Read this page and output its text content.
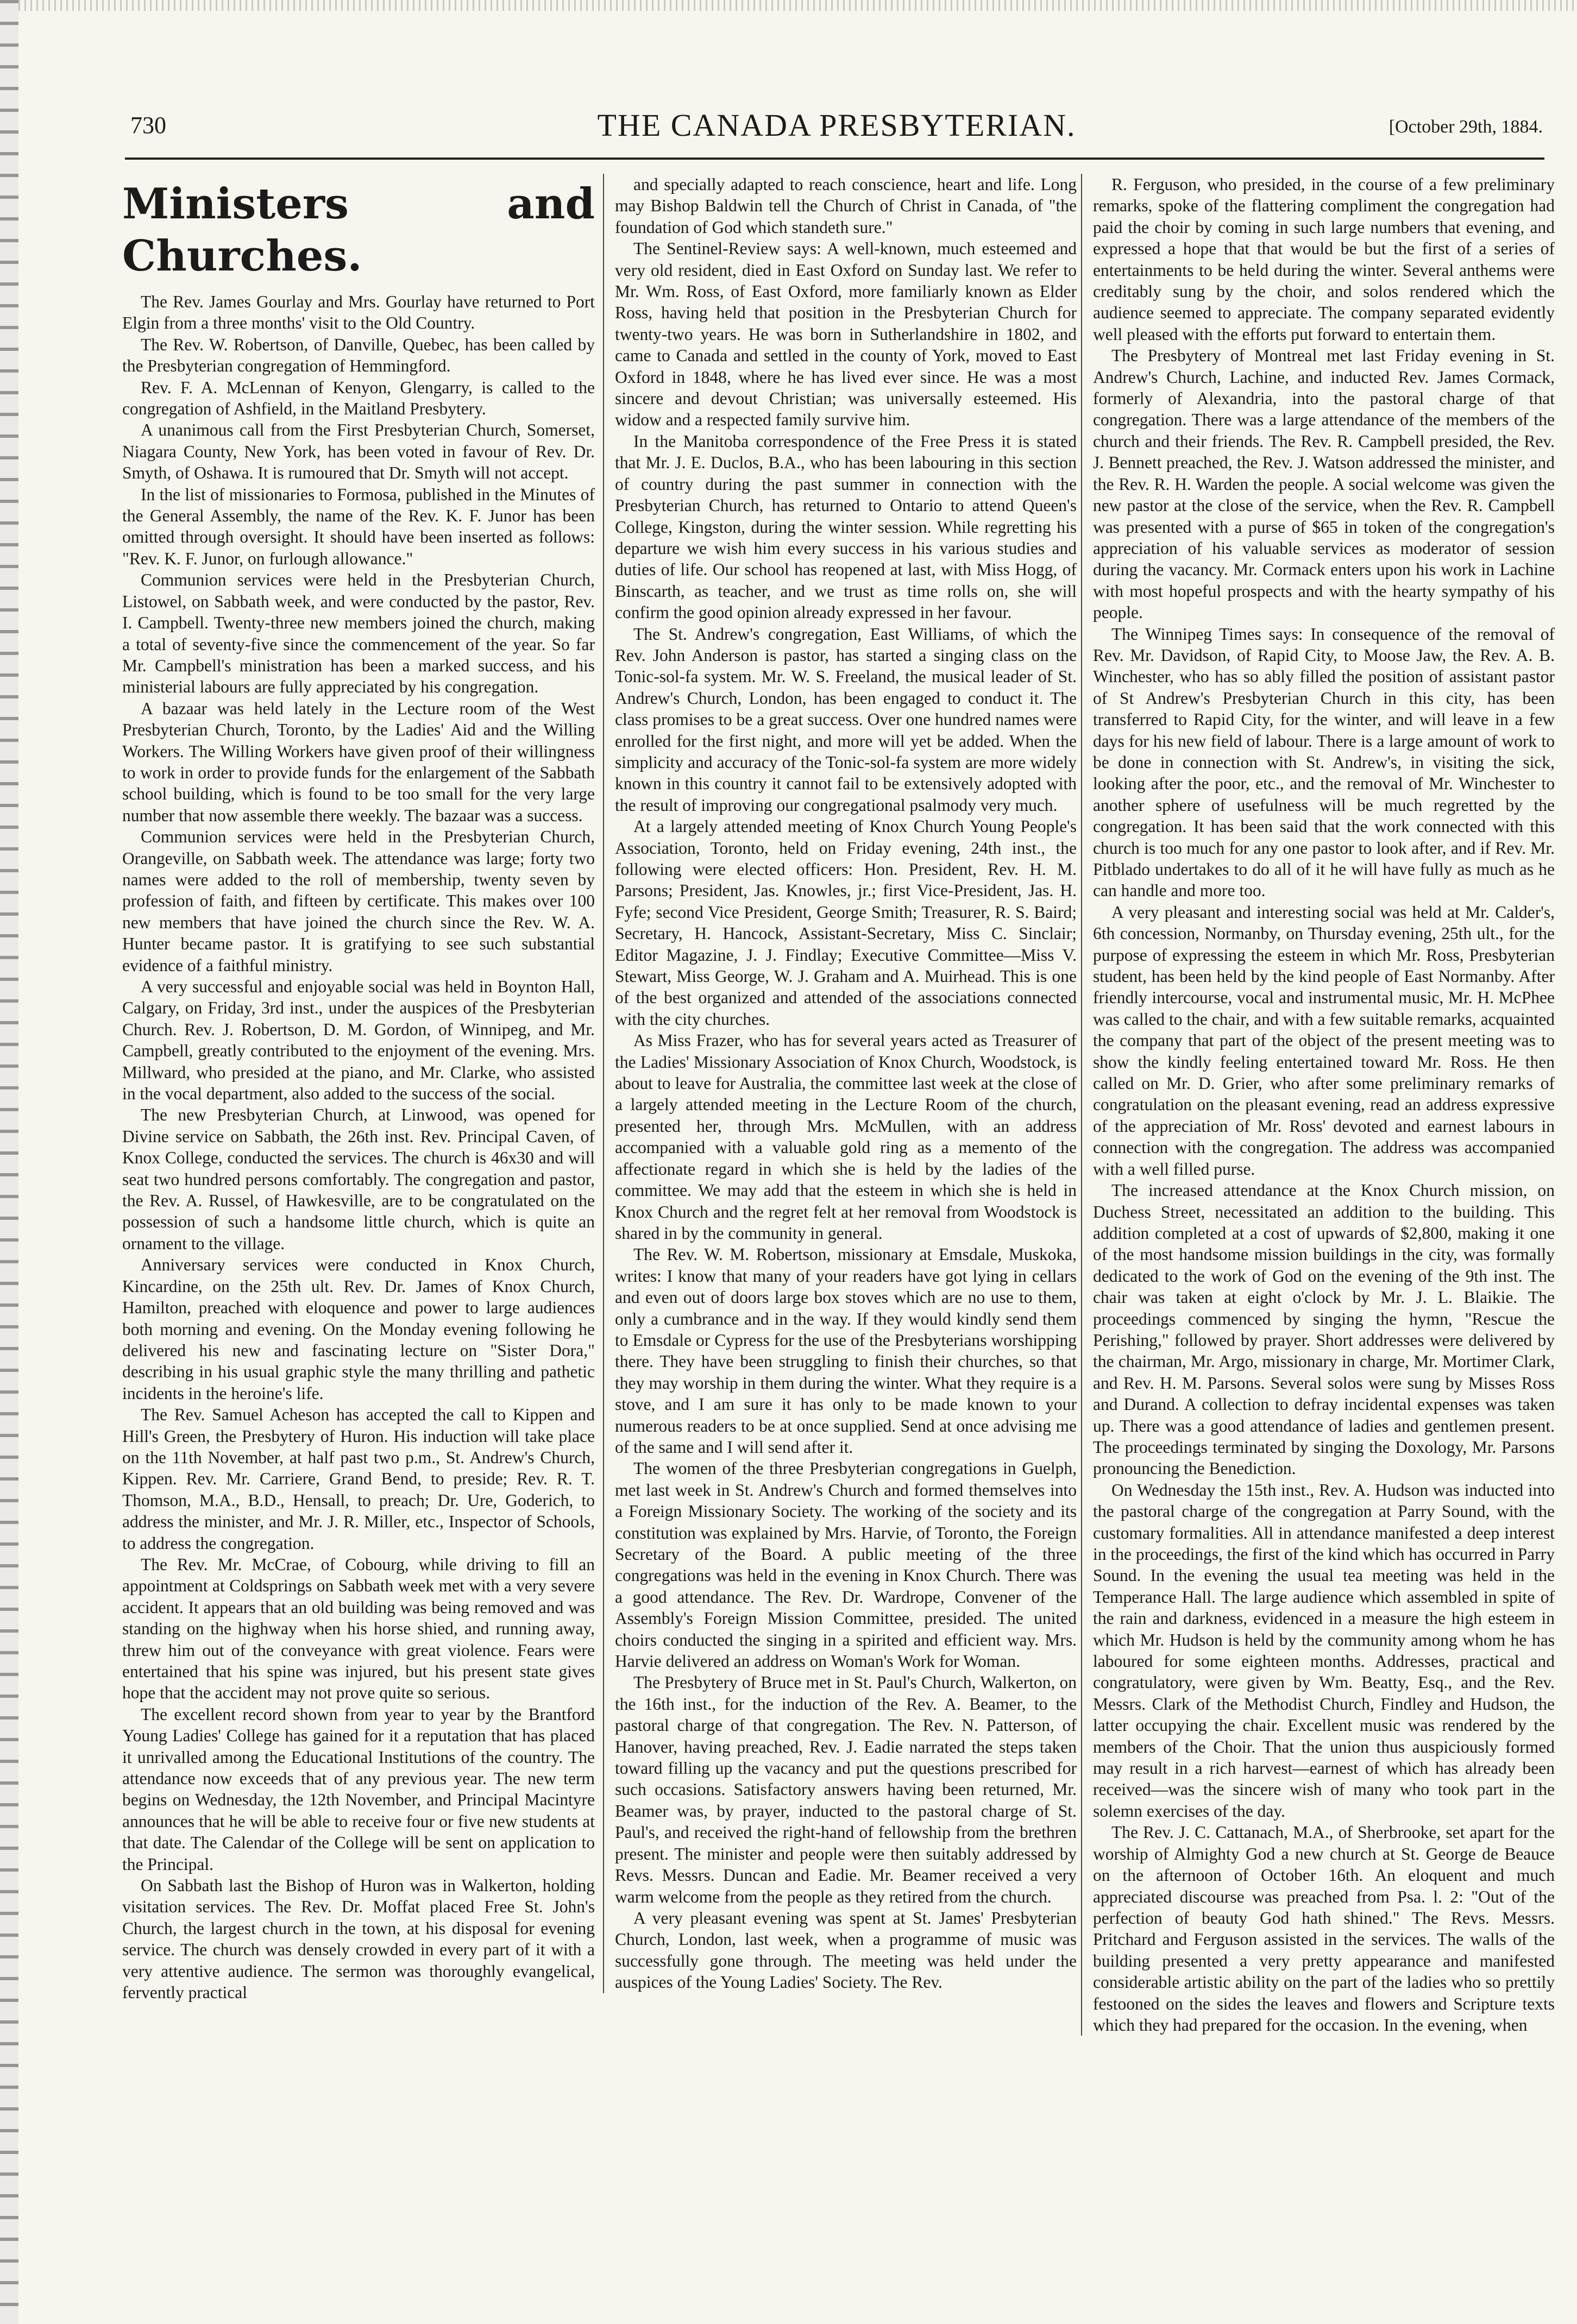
730	THE CANADA PRESBYTERIAN.	[October 29th, 1884.
Ministers and Churches.

The Rev. James Gourlay and Mrs. Gourlay have returned to Port Elgin from a three months' visit to the Old Country.

The Rev. W. Robertson, of Danville, Quebec, has been called by the Presbyterian congregation of Hemmingford.

Rev. F. A. McLennan of Kenyon, Glengarry, is called to the congregation of Ashfield, in the Maitland Presbytery.

A unanimous call from the First Presbyterian Church, Somerset, Niagara County, New York, has been voted in favour of Rev. Dr. Smyth, of Oshawa. It is rumoured that Dr. Smyth will not accept.

In the list of missionaries to Formosa, published in the Minutes of the General Assembly, the name of the Rev. K. F. Junor has been omitted through oversight. It should have been inserted as follows: "Rev. K. F. Junor, on furlough allowance."

Communion services were held in the Presbyterian Church, Listowel, on Sabbath week, and were conducted by the pastor, Rev. I. Campbell. Twenty-three new members joined the church, making a total of seventy-five since the commencement of the year. So far Mr. Campbell's ministration has been a marked success, and his ministerial labours are fully appreciated by his congregation.

A bazaar was held lately in the Lecture room of the West Presbyterian Church, Toronto, by the Ladies' Aid and the Willing Workers. The Willing Workers have given proof of their willingness to work in order to provide funds for the enlargement of the Sabbath school building, which is found to be too small for the very large number that now assemble there weekly. The bazaar was a success.

Communion services were held in the Presbyterian Church, Orangeville, on Sabbath week. The attendance was large; forty two names were added to the roll of membership, twenty seven by profession of faith, and fifteen by certificate. This makes over 100 new members that have joined the church since the Rev. W. A. Hunter became pastor. It is gratifying to see such substantial evidence of a faithful ministry.

A very successful and enjoyable social was held in Boynton Hall, Calgary, on Friday, 3rd inst., under the auspices of the Presbyterian Church. Rev. J. Robertson, D. M. Gordon, of Winnipeg, and Mr. Campbell, greatly contributed to the enjoyment of the evening. Mrs. Millward, who presided at the piano, and Mr. Clarke, who assisted in the vocal department, also added to the success of the social.

The new Presbyterian Church, at Linwood, was opened for Divine service on Sabbath, the 26th inst. Rev. Principal Caven, of Knox College, conducted the services. The church is 46x30 and will seat two hundred persons comfortably. The congregation and pastor, the Rev. A. Russel, of Hawkesville, are to be congratulated on the possession of such a handsome little church, which is quite an ornament to the village.

Anniversary services were conducted in Knox Church, Kincardine, on the 25th ult. Rev. Dr. James of Knox Church, Hamilton, preached with eloquence and power to large audiences both morning and evening. On the Monday evening following he delivered his new and fascinating lecture on "Sister Dora," describing in his usual graphic style the many thrilling and pathetic incidents in the heroine's life.

The Rev. Samuel Acheson has accepted the call to Kippen and Hill's Green, the Presbytery of Huron. His induction will take place on the 11th November, at half past two p.m., St. Andrew's Church, Kippen. Rev. Mr. Carriere, Grand Bend, to preside; Rev. R. T. Thomson, M.A., B.D., Hensall, to preach; Dr. Ure, Goderich, to address the minister, and Mr. J. R. Miller, etc., Inspector of Schools, to address the congregation.

The Rev. Mr. McCrae, of Cobourg, while driving to fill an appointment at Coldsprings on Sabbath week met with a very severe accident. It appears that an old building was being removed and was standing on the highway when his horse shied, and running away, threw him out of the conveyance with great violence. Fears were entertained that his spine was injured, but his present state gives hope that the accident may not prove quite so serious.

The excellent record shown from year to year by the Brantford Young Ladies' College has gained for it a reputation that has placed it unrivalled among the Educational Institutions of the country. The attendance now exceeds that of any previous year. The new term begins on Wednesday, the 12th November, and Principal Macintyre announces that he will be able to receive four or five new students at that date. The Calendar of the College will be sent on application to the Principal.

On Sabbath last the Bishop of Huron was in Walkerton, holding visitation services. The Rev. Dr. Moffat placed Free St. John's Church, the largest church in the town, at his disposal for evening service. The church was densely crowded in every part of it with a very attentive audience. The sermon was thoroughly evangelical, fervently practical

and specially adapted to reach conscience, heart and life. Long may Bishop Baldwin tell the Church of Christ in Canada, of "the foundation of God which standeth sure."

The Sentinel-Review says: A well-known, much esteemed and very old resident, died in East Oxford on Sunday last. We refer to Mr. Wm. Ross, of East Oxford, more familiarly known as Elder Ross, having held that position in the Presbyterian Church for twenty-two years. He was born in Sutherlandshire in 1802, and came to Canada and settled in the county of York, moved to East Oxford in 1848, where he has lived ever since. He was a most sincere and devout Christian; was universally esteemed. His widow and a respected family survive him.

In the Manitoba correspondence of the Free Press it is stated that Mr. J. E. Duclos, B.A., who has been labouring in this section of country during the past summer in connection with the Presbyterian Church, has returned to Ontario to attend Queen's College, Kingston, during the winter session. While regretting his departure we wish him every success in his various studies and duties of life. Our school has reopened at last, with Miss Hogg, of Binscarth, as teacher, and we trust as time rolls on, she will confirm the good opinion already expressed in her favour.

The St. Andrew's congregation, East Williams, of which the Rev. John Anderson is pastor, has started a singing class on the Tonic-sol-fa system. Mr. W. S. Freeland, the musical leader of St. Andrew's Church, London, has been engaged to conduct it. The class promises to be a great success. Over one hundred names were enrolled for the first night, and more will yet be added. When the simplicity and accuracy of the Tonic-sol-fa system are more widely known in this country it cannot fail to be extensively adopted with the result of improving our congregational psalmody very much.

At a largely attended meeting of Knox Church Young People's Association, Toronto, held on Friday evening, 24th inst., the following were elected officers: Hon. President, Rev. H. M. Parsons; President, Jas. Knowles, jr.; first Vice-President, Jas. H. Fyfe; second Vice President, George Smith; Treasurer, R. S. Baird; Secretary, H. Hancock, Assistant-Secretary, Miss C. Sinclair; Editor Magazine, J. J. Findlay; Executive Committee—Miss V. Stewart, Miss George, W. J. Graham and A. Muirhead. This is one of the best organized and attended of the associations connected with the city churches.

As Miss Frazer, who has for several years acted as Treasurer of the Ladies' Missionary Association of Knox Church, Woodstock, is about to leave for Australia, the committee last week at the close of a largely attended meeting in the Lecture Room of the church, presented her, through Mrs. McMullen, with an address accompanied with a valuable gold ring as a memento of the affectionate regard in which she is held by the ladies of the committee. We may add that the esteem in which she is held in Knox Church and the regret felt at her removal from Woodstock is shared in by the community in general.

The Rev. W. M. Robertson, missionary at Emsdale, Muskoka, writes: I know that many of your readers have got lying in cellars and even out of doors large box stoves which are no use to them, only a cumbrance and in the way. If they would kindly send them to Emsdale or Cypress for the use of the Presbyterians worshipping there. They have been struggling to finish their churches, so that they may worship in them during the winter. What they require is a stove, and I am sure it has only to be made known to your numerous readers to be at once supplied. Send at once advising me of the same and I will send after it.

The women of the three Presbyterian congregations in Guelph, met last week in St. Andrew's Church and formed themselves into a Foreign Missionary Society. The working of the society and its constitution was explained by Mrs. Harvie, of Toronto, the Foreign Secretary of the Board. A public meeting of the three congregations was held in the evening in Knox Church. There was a good attendance. The Rev. Dr. Wardrope, Convener of the Assembly's Foreign Mission Committee, presided. The united choirs conducted the singing in a spirited and efficient way. Mrs. Harvie delivered an address on Woman's Work for Woman.

The Presbytery of Bruce met in St. Paul's Church, Walkerton, on the 16th inst., for the induction of the Rev. A. Beamer, to the pastoral charge of that congregation. The Rev. N. Patterson, of Hanover, having preached, Rev. J. Eadie narrated the steps taken toward filling up the vacancy and put the questions prescribed for such occasions. Satisfactory answers having been returned, Mr. Beamer was, by prayer, inducted to the pastoral charge of St. Paul's, and received the right-hand of fellowship from the brethren present. The minister and people were then suitably addressed by Revs. Messrs. Duncan and Eadie. Mr. Beamer received a very warm welcome from the people as they retired from the church.

A very pleasant evening was spent at St. James' Presbyterian Church, London, last week, when a programme of music was successfully gone through. The meeting was held under the auspices of the Young Ladies' Society. The Rev.

R. Ferguson, who presided, in the course of a few preliminary remarks, spoke of the flattering compliment the congregation had paid the choir by coming in such large numbers that evening, and expressed a hope that that would be but the first of a series of entertainments to be held during the winter. Several anthems were creditably sung by the choir, and solos rendered which the audience seemed to appreciate. The company separated evidently well pleased with the efforts put forward to entertain them.

The Presbytery of Montreal met last Friday evening in St. Andrew's Church, Lachine, and inducted Rev. James Cormack, formerly of Alexandria, into the pastoral charge of that congregation. There was a large attendance of the members of the church and their friends. The Rev. R. Campbell presided, the Rev. J. Bennett preached, the Rev. J. Watson addressed the minister, and the Rev. R. H. Warden the people. A social welcome was given the new pastor at the close of the service, when the Rev. R. Campbell was presented with a purse of $65 in token of the congregation's appreciation of his valuable services as moderator of session during the vacancy. Mr. Cormack enters upon his work in Lachine with most hopeful prospects and with the hearty sympathy of his people.

The Winnipeg Times says: In consequence of the removal of Rev. Mr. Davidson, of Rapid City, to Moose Jaw, the Rev. A. B. Winchester, who has so ably filled the position of assistant pastor of St Andrew's Presbyterian Church in this city, has been transferred to Rapid City, for the winter, and will leave in a few days for his new field of labour. There is a large amount of work to be done in connection with St. Andrew's, in visiting the sick, looking after the poor, etc., and the removal of Mr. Winchester to another sphere of usefulness will be much regretted by the congregation. It has been said that the work connected with this church is too much for any one pastor to look after, and if Rev. Mr. Pitblado undertakes to do all of it he will have fully as much as he can handle and more too.

A very pleasant and interesting social was held at Mr. Calder's, 6th concession, Normanby, on Thursday evening, 25th ult., for the purpose of expressing the esteem in which Mr. Ross, Presbyterian student, has been held by the kind people of East Normanby. After friendly intercourse, vocal and instrumental music, Mr. H. McPhee was called to the chair, and with a few suitable remarks, acquainted the company that part of the object of the present meeting was to show the kindly feeling entertained toward Mr. Ross. He then called on Mr. D. Grier, who after some preliminary remarks of congratulation on the pleasant evening, read an address expressive of the appreciation of Mr. Ross' devoted and earnest labours in connection with the congregation. The address was accompanied with a well filled purse.

The increased attendance at the Knox Church mission, on Duchess Street, necessitated an addition to the building. This addition completed at a cost of upwards of $2,800, making it one of the most handsome mission buildings in the city, was formally dedicated to the work of God on the evening of the 9th inst. The chair was taken at eight o'clock by Mr. J. L. Blaikie. The proceedings commenced by singing the hymn, "Rescue the Perishing," followed by prayer. Short addresses were delivered by the chairman, Mr. Argo, missionary in charge, Mr. Mortimer Clark, and Rev. H. M. Parsons. Several solos were sung by Misses Ross and Durand. A collection to defray incidental expenses was taken up. There was a good attendance of ladies and gentlemen present. The proceedings terminated by singing the Doxology, Mr. Parsons pronouncing the Benediction.

On Wednesday the 15th inst., Rev. A. Hudson was inducted into the pastoral charge of the congregation at Parry Sound, with the customary formalities. All in attendance manifested a deep interest in the proceedings, the first of the kind which has occurred in Parry Sound. In the evening the usual tea meeting was held in the Temperance Hall. The large audience which assembled in spite of the rain and darkness, evidenced in a measure the high esteem in which Mr. Hudson is held by the community among whom he has laboured for some eighteen months. Addresses, practical and congratulatory, were given by Wm. Beatty, Esq., and the Rev. Messrs. Clark of the Methodist Church, Findley and Hudson, the latter occupying the chair. Excellent music was rendered by the members of the Choir. That the union thus auspiciously formed may result in a rich harvest—earnest of which has already been received—was the sincere wish of many who took part in the solemn exercises of the day.

The Rev. J. C. Cattanach, M.A., of Sherbrooke, set apart for the worship of Almighty God a new church at St. George de Beauce on the afternoon of October 16th. An eloquent and much appreciated discourse was preached from Psa. l. 2: "Out of the perfection of beauty God hath shined." The Revs. Messrs. Pritchard and Ferguson assisted in the services. The walls of the building presented a very pretty appearance and manifested considerable artistic ability on the part of the ladies who so prettily festooned on the sides the leaves and flowers and Scripture texts which they had prepared for the occasion. In the evening, when
